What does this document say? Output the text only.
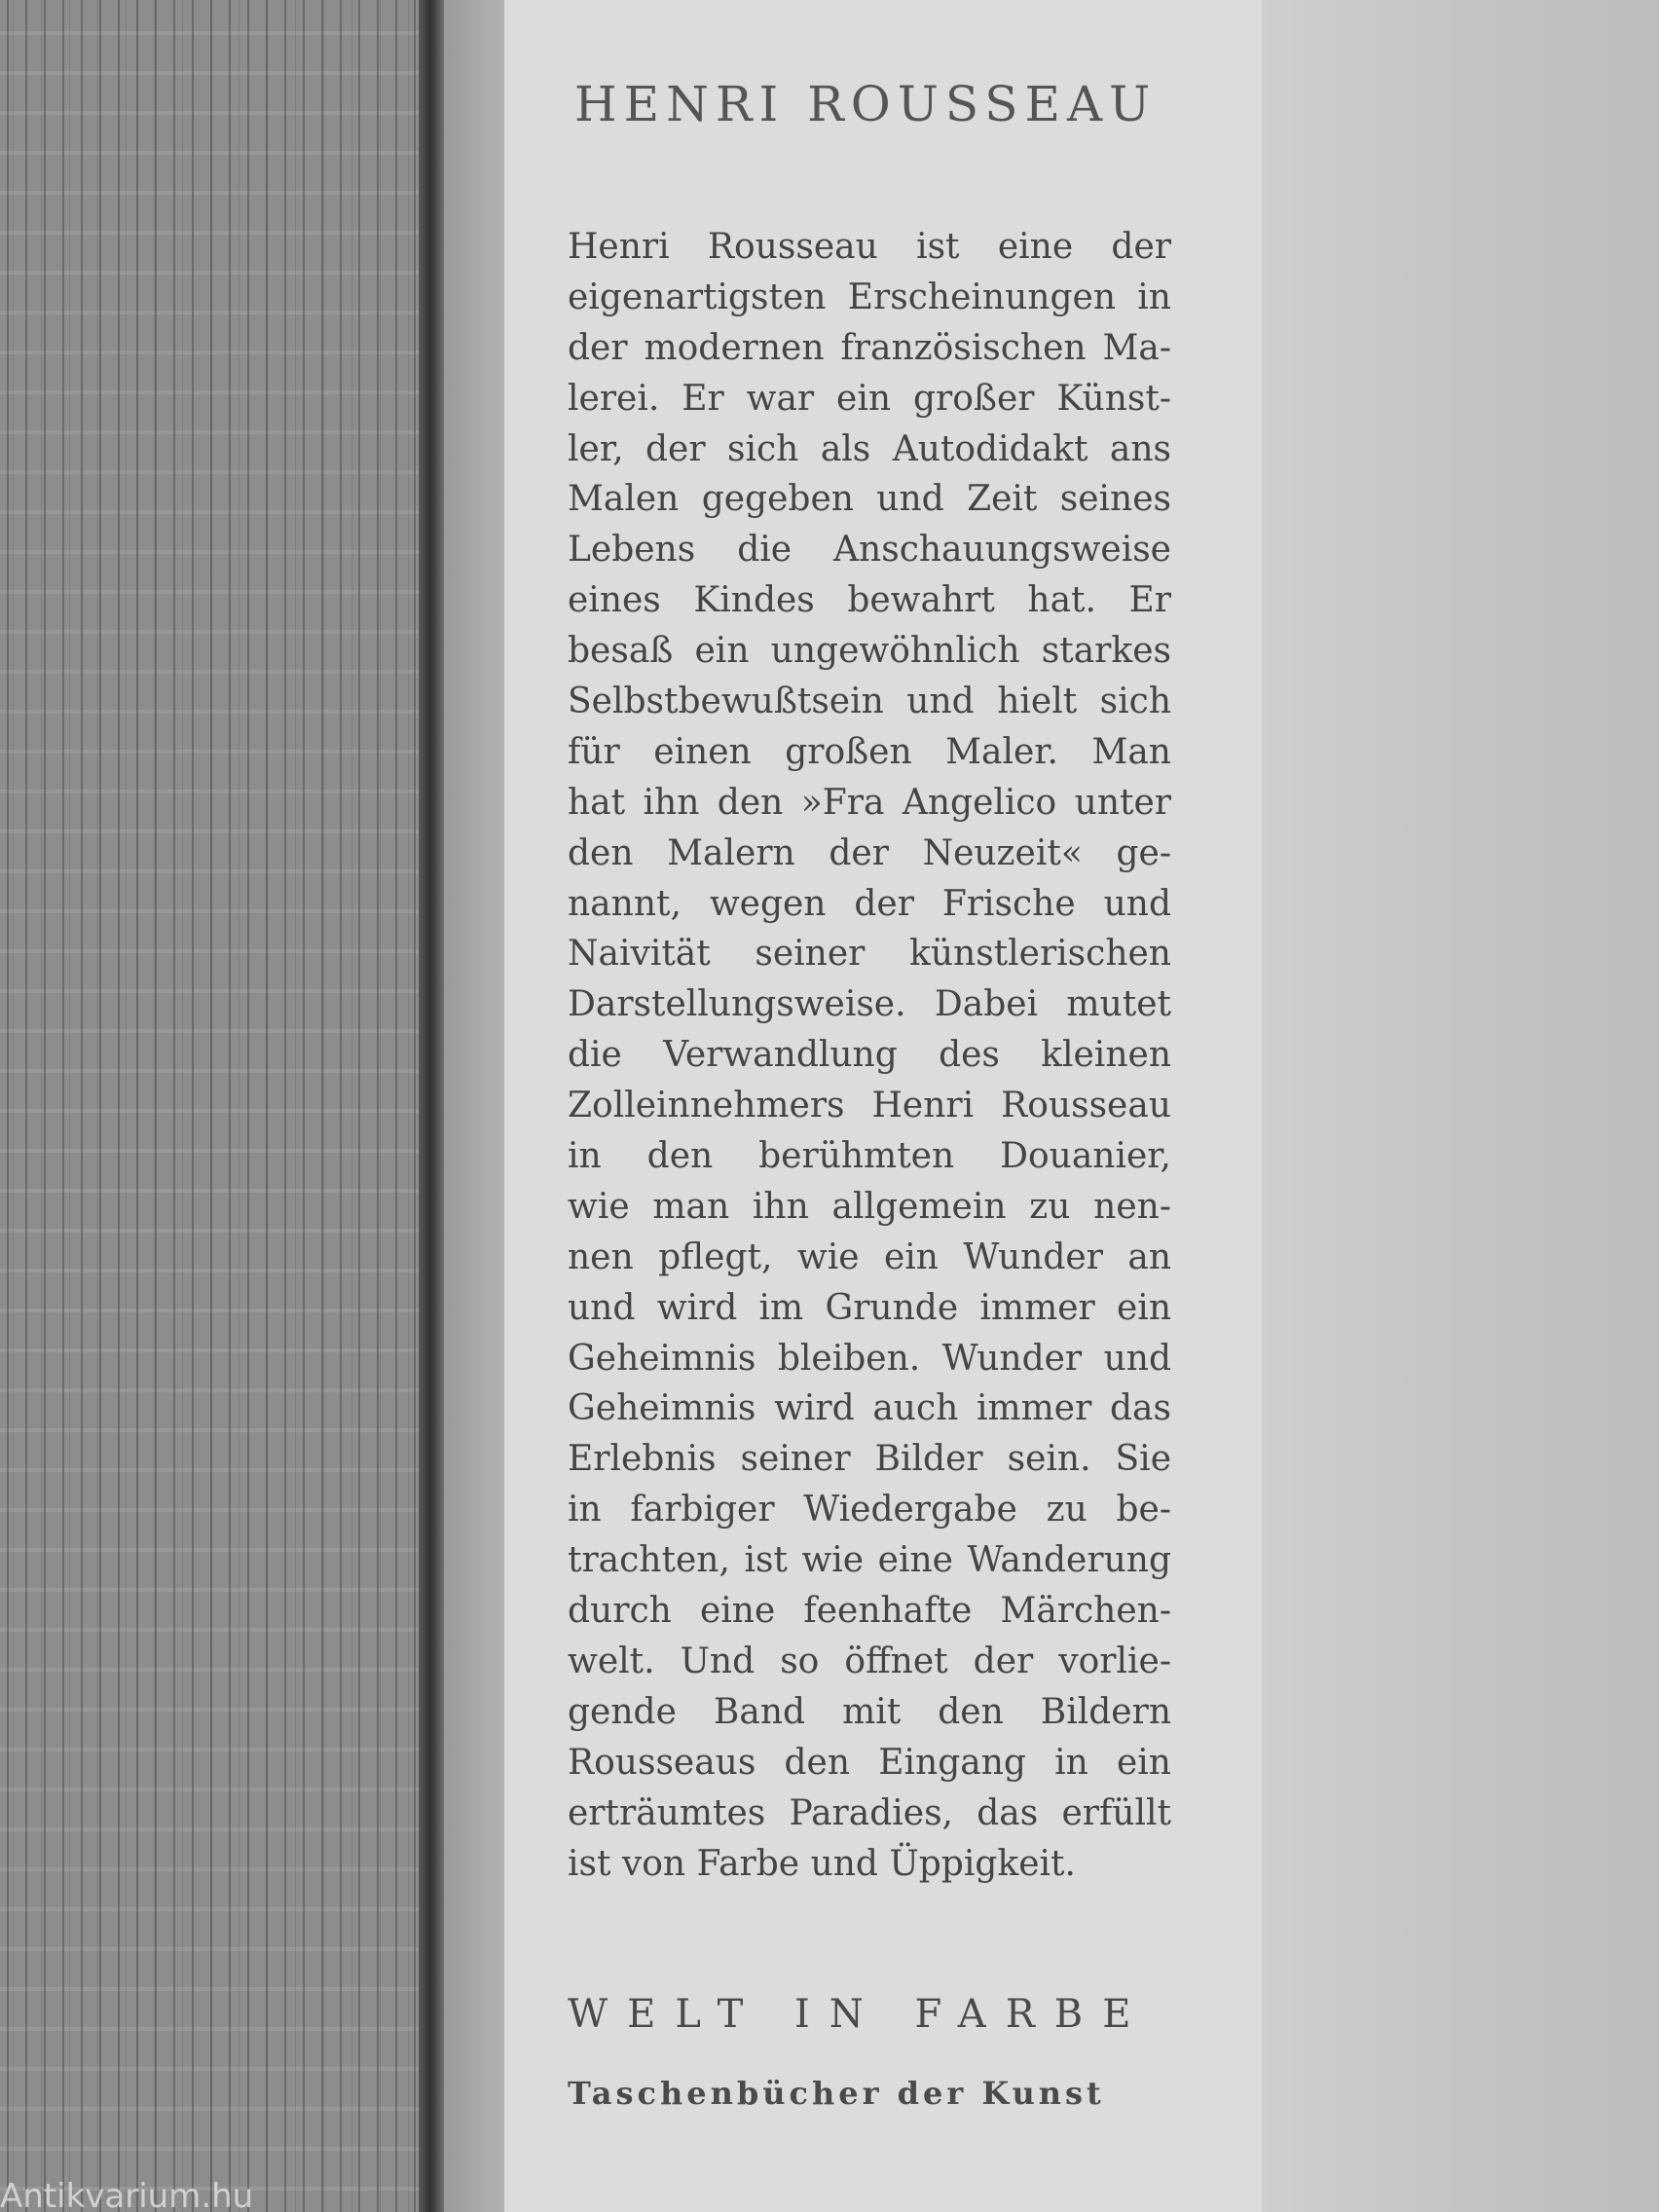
HENRI ROUSSEAU
Henri Rousseau ist eine der
eigenartigsten Erscheinungen in
der modernen französischen Ma-
lerei. Er war ein großer Künst-
ler, der sich als Autodidakt ans
Malen gegeben und Zeit seines
Lebens die Anschauungsweise
eines Kindes bewahrt hat. Er
besaß ein ungewöhnlich starkes
Selbstbewußtsein und hielt sich
für einen großen Maler. Man
hat ihn den »Fra Angelico unter
den Malern der Neuzeit« ge-
nannt, wegen der Frische und
Naivität seiner künstlerischen
Darstellungsweise. Dabei mutet
die Verwandlung des kleinen
Zolleinnehmers Henri Rousseau
in den berühmten Douanier,
wie man ihn allgemein zu nen-
nen pflegt, wie ein Wunder an
und wird im Grunde immer ein
Geheimnis bleiben. Wunder und
Geheimnis wird auch immer das
Erlebnis seiner Bilder sein. Sie
in farbiger Wiedergabe zu be-
trachten, ist wie eine Wanderung
durch eine feenhafte Märchen-
welt. Und so öffnet der vorlie-
gende Band mit den Bildern
Rousseaus den Eingang in ein
erträumtes Paradies, das erfüllt
ist von Farbe und Üppigkeit.
WELT IN FARBE
Taschenbücher der Kunst
Antikvarium.hu
